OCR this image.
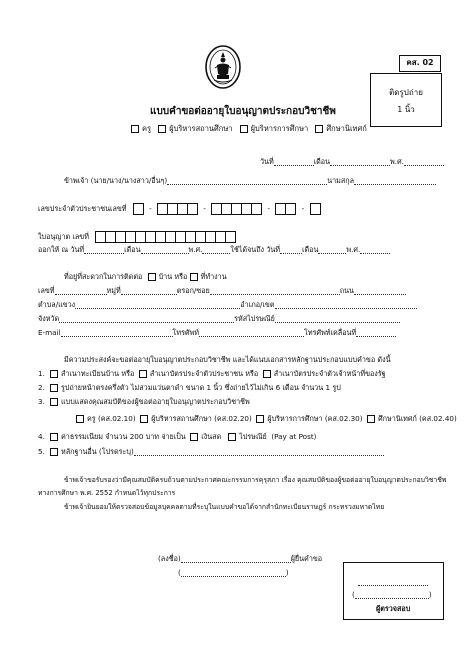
คส. 02
ติดรูปถ่าย
1 นิ้ว
แบบคำขอต่ออายุใบอนุญาตประกอบวิชาชีพ
ครู ผู้บริหารสถานศึกษา ผู้บริหารการศึกษา ศึกษานิเทศก์
วันที่	เดือน	พ.ศ.
ข้าพเจ้า (นาย/นาง/นางสาว/อื่นๆ)	นามสกุล
เลขประจำตัวประชาชนเลขที่	-	-	-	-
ใบอนุญาต เลขที่
ออกให้ ณ วันที่	เดือน	พ.ศ.	ใช้ได้จนถึง วันที่	เดือน	พ.ศ.
ที่อยู่ที่สะดวกในการติดต่อ บ้าน หรือ ที่ทำงาน
เลขที่	หมู่ที่	ตรอก/ซอย	ถนน
ตำบล/แขวง	อำเภอ/เขต
จังหวัด	รหัสไปรษณีย์
E-mail	โทรศัพท์	โทรศัพท์เคลื่อนที่
มีความประสงค์จะขอต่ออายุใบอนุญาตประกอบวิชาชีพ และได้แนบเอกสารหลักฐานประกอบแบบคำขอ ดังนี้
1. สำเนาทะเบียนบ้าน หรือ สำเนาบัตรประจำตัวประชาชน หรือ สำเนาบัตรประจำตัวเจ้าหน้าที่ของรัฐ
2. รูปถ่ายหน้าตรงครึ่งตัว ไม่สวมแว่นตาดำ ขนาด 1 นิ้ว ซึ่งถ่ายไว้ไม่เกิน 6 เดือน จำนวน 1 รูป
3. แบบแสดงคุณสมบัติของผู้ขอต่ออายุใบอนุญาตประกอบวิชาชีพ
ครู (คส.02.10) ผู้บริหารสถานศึกษา (คส.02.20) ผู้บริหารการศึกษา (คส.02.30) ศึกษานิเทศก์ (คส.02.40)
4. ค่าธรรมเนียม จำนวน 200 บาท จ่ายเป็น เงินสด ไปรษณีย์ (Pay at Post)
5. หลักฐานอื่น (โปรดระบุ)
ข้าพเจ้าขอรับรองว่ามีคุณสมบัติครบถ้วนตามประกาศคณะกรรมการคุรุสภา เรื่อง คุณสมบัติของผู้ขอต่ออายุใบอนุญาตประกอบวิชาชีพ
ทางการศึกษา พ.ศ. 2552 กำหนดไว้ทุกประการ
ข้าพเจ้ายินยอมให้ตรวจสอบข้อมูลบุคคลตามที่ระบุในแบบคำขอได้จากสำนักทะเบียนราษฎร์ กระทรวงมหาดไทย
(ลงชื่อ)	ผู้ยื่นคำขอ
(	)
(	)
ผู้ตรวจสอบ
